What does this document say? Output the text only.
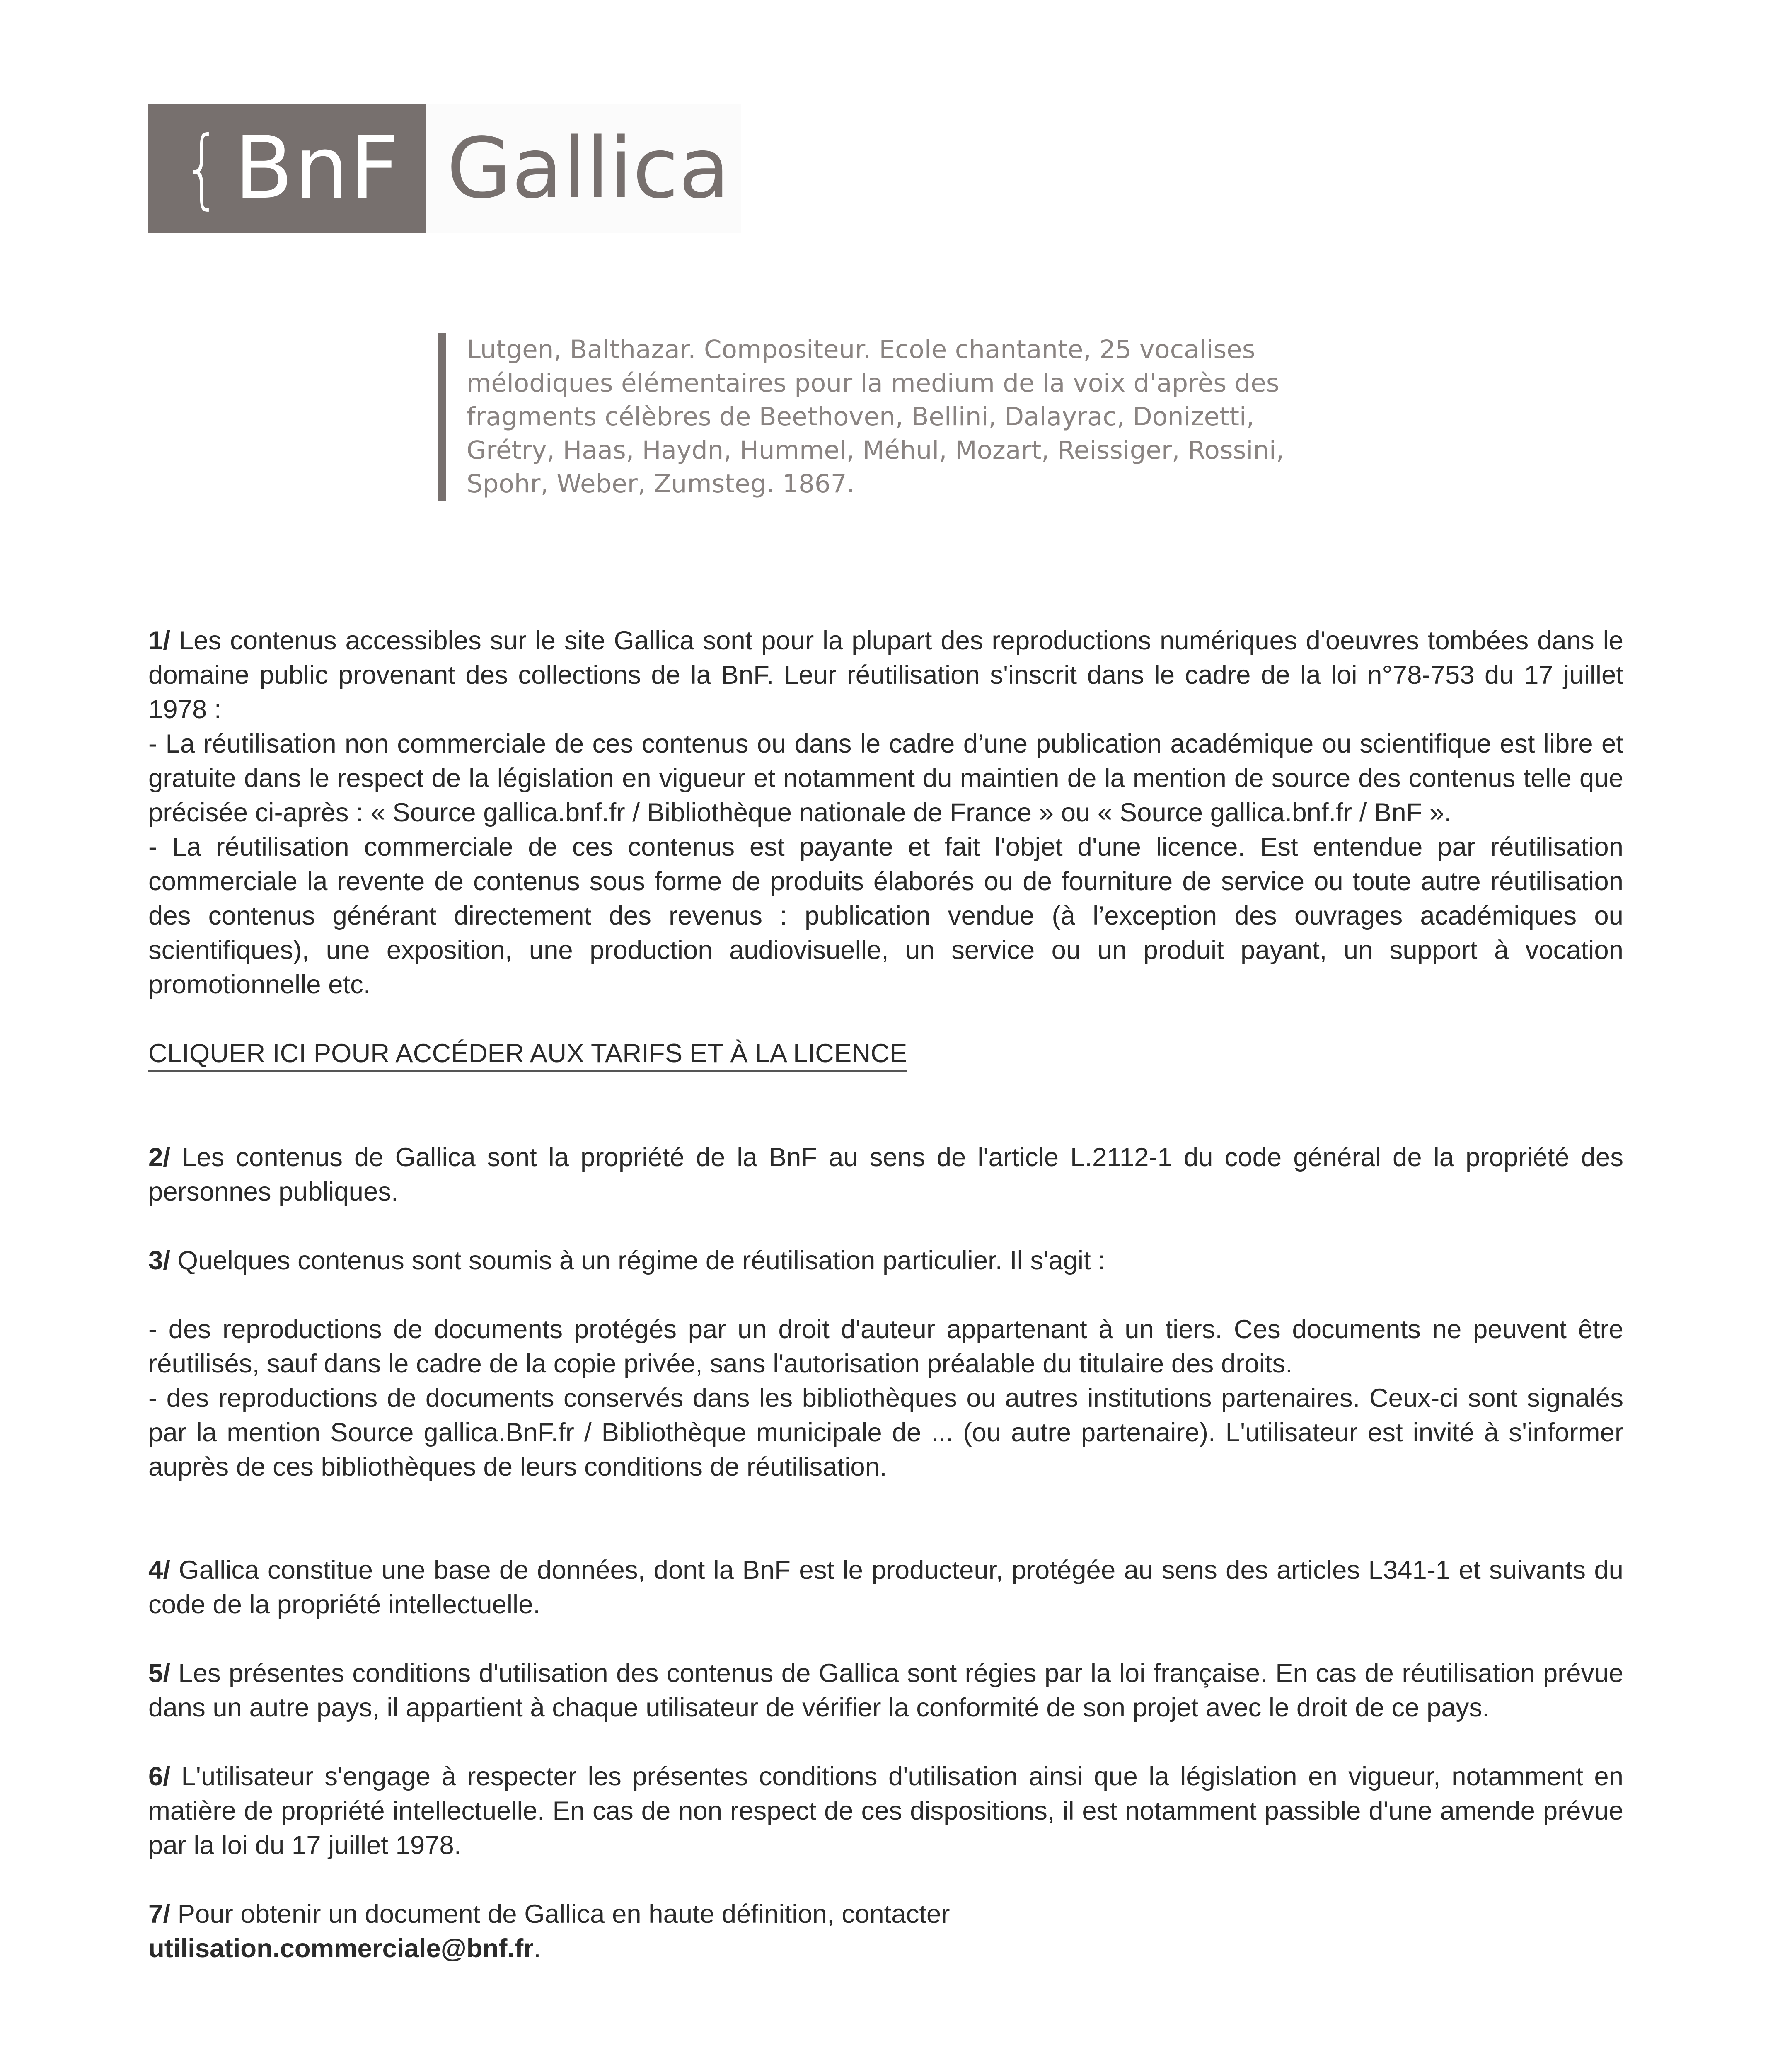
{ BnF Gallica
Lutgen, Balthazar. Compositeur. Ecole chantante, 25 vocalises mélodiques élémentaires pour la medium de la voix d'après des fragments célèbres de Beethoven, Bellini, Dalayrac, Donizetti, Grétry, Haas, Haydn, Hummel, Méhul, Mozart, Reissiger, Rossini, Spohr, Weber, Zumsteg. 1867.

1/ Les contenus accessibles sur le site Gallica sont pour la plupart des reproductions numériques d'oeuvres tombées dans le domaine public provenant des collections de la BnF. Leur réutilisation s'inscrit dans le cadre de la loi n°78-753 du 17 juillet 1978 :

- La réutilisation non commerciale de ces contenus ou dans le cadre d’une publication académique ou scientifique est libre et gratuite dans le respect de la législation en vigueur et notamment du maintien de la mention de source des contenus telle que précisée ci-après : « Source gallica.bnf.fr / Bibliothèque nationale de France » ou « Source gallica.bnf.fr / BnF ».

- La réutilisation commerciale de ces contenus est payante et fait l'objet d'une licence. Est entendue par réutilisation commerciale la revente de contenus sous forme de produits élaborés ou de fourniture de service ou toute autre réutilisation des contenus générant directement des revenus : publication vendue (à l’exception des ouvrages académiques ou scientifiques), une exposition, une production audiovisuelle, un service ou un produit payant, un support à vocation promotionnelle etc.

CLIQUER ICI POUR ACCÉDER AUX TARIFS ET À LA LICENCE

2/ Les contenus de Gallica sont la propriété de la BnF au sens de l'article L.2112-1 du code général de la propriété des personnes publiques.

3/ Quelques contenus sont soumis à un régime de réutilisation particulier. Il s'agit :

- des reproductions de documents protégés par un droit d'auteur appartenant à un tiers. Ces documents ne peuvent être réutilisés, sauf dans le cadre de la copie privée, sans l'autorisation préalable du titulaire des droits.

- des reproductions de documents conservés dans les bibliothèques ou autres institutions partenaires. Ceux-ci sont signalés par la mention Source gallica.BnF.fr / Bibliothèque municipale de ... (ou autre partenaire). L'utilisateur est invité à s'informer auprès de ces bibliothèques de leurs conditions de réutilisation.

4/ Gallica constitue une base de données, dont la BnF est le producteur, protégée au sens des articles L341-1 et suivants du code de la propriété intellectuelle.

5/ Les présentes conditions d'utilisation des contenus de Gallica sont régies par la loi française. En cas de réutilisation prévue dans un autre pays, il appartient à chaque utilisateur de vérifier la conformité de son projet avec le droit de ce pays.

6/ L'utilisateur s'engage à respecter les présentes conditions d'utilisation ainsi que la législation en vigueur, notamment en matière de propriété intellectuelle. En cas de non respect de ces dispositions, il est notamment passible d'une amende prévue par la loi du 17 juillet 1978.

7/ Pour obtenir un document de Gallica en haute définition, contacter
utilisation.commerciale@bnf.fr.
